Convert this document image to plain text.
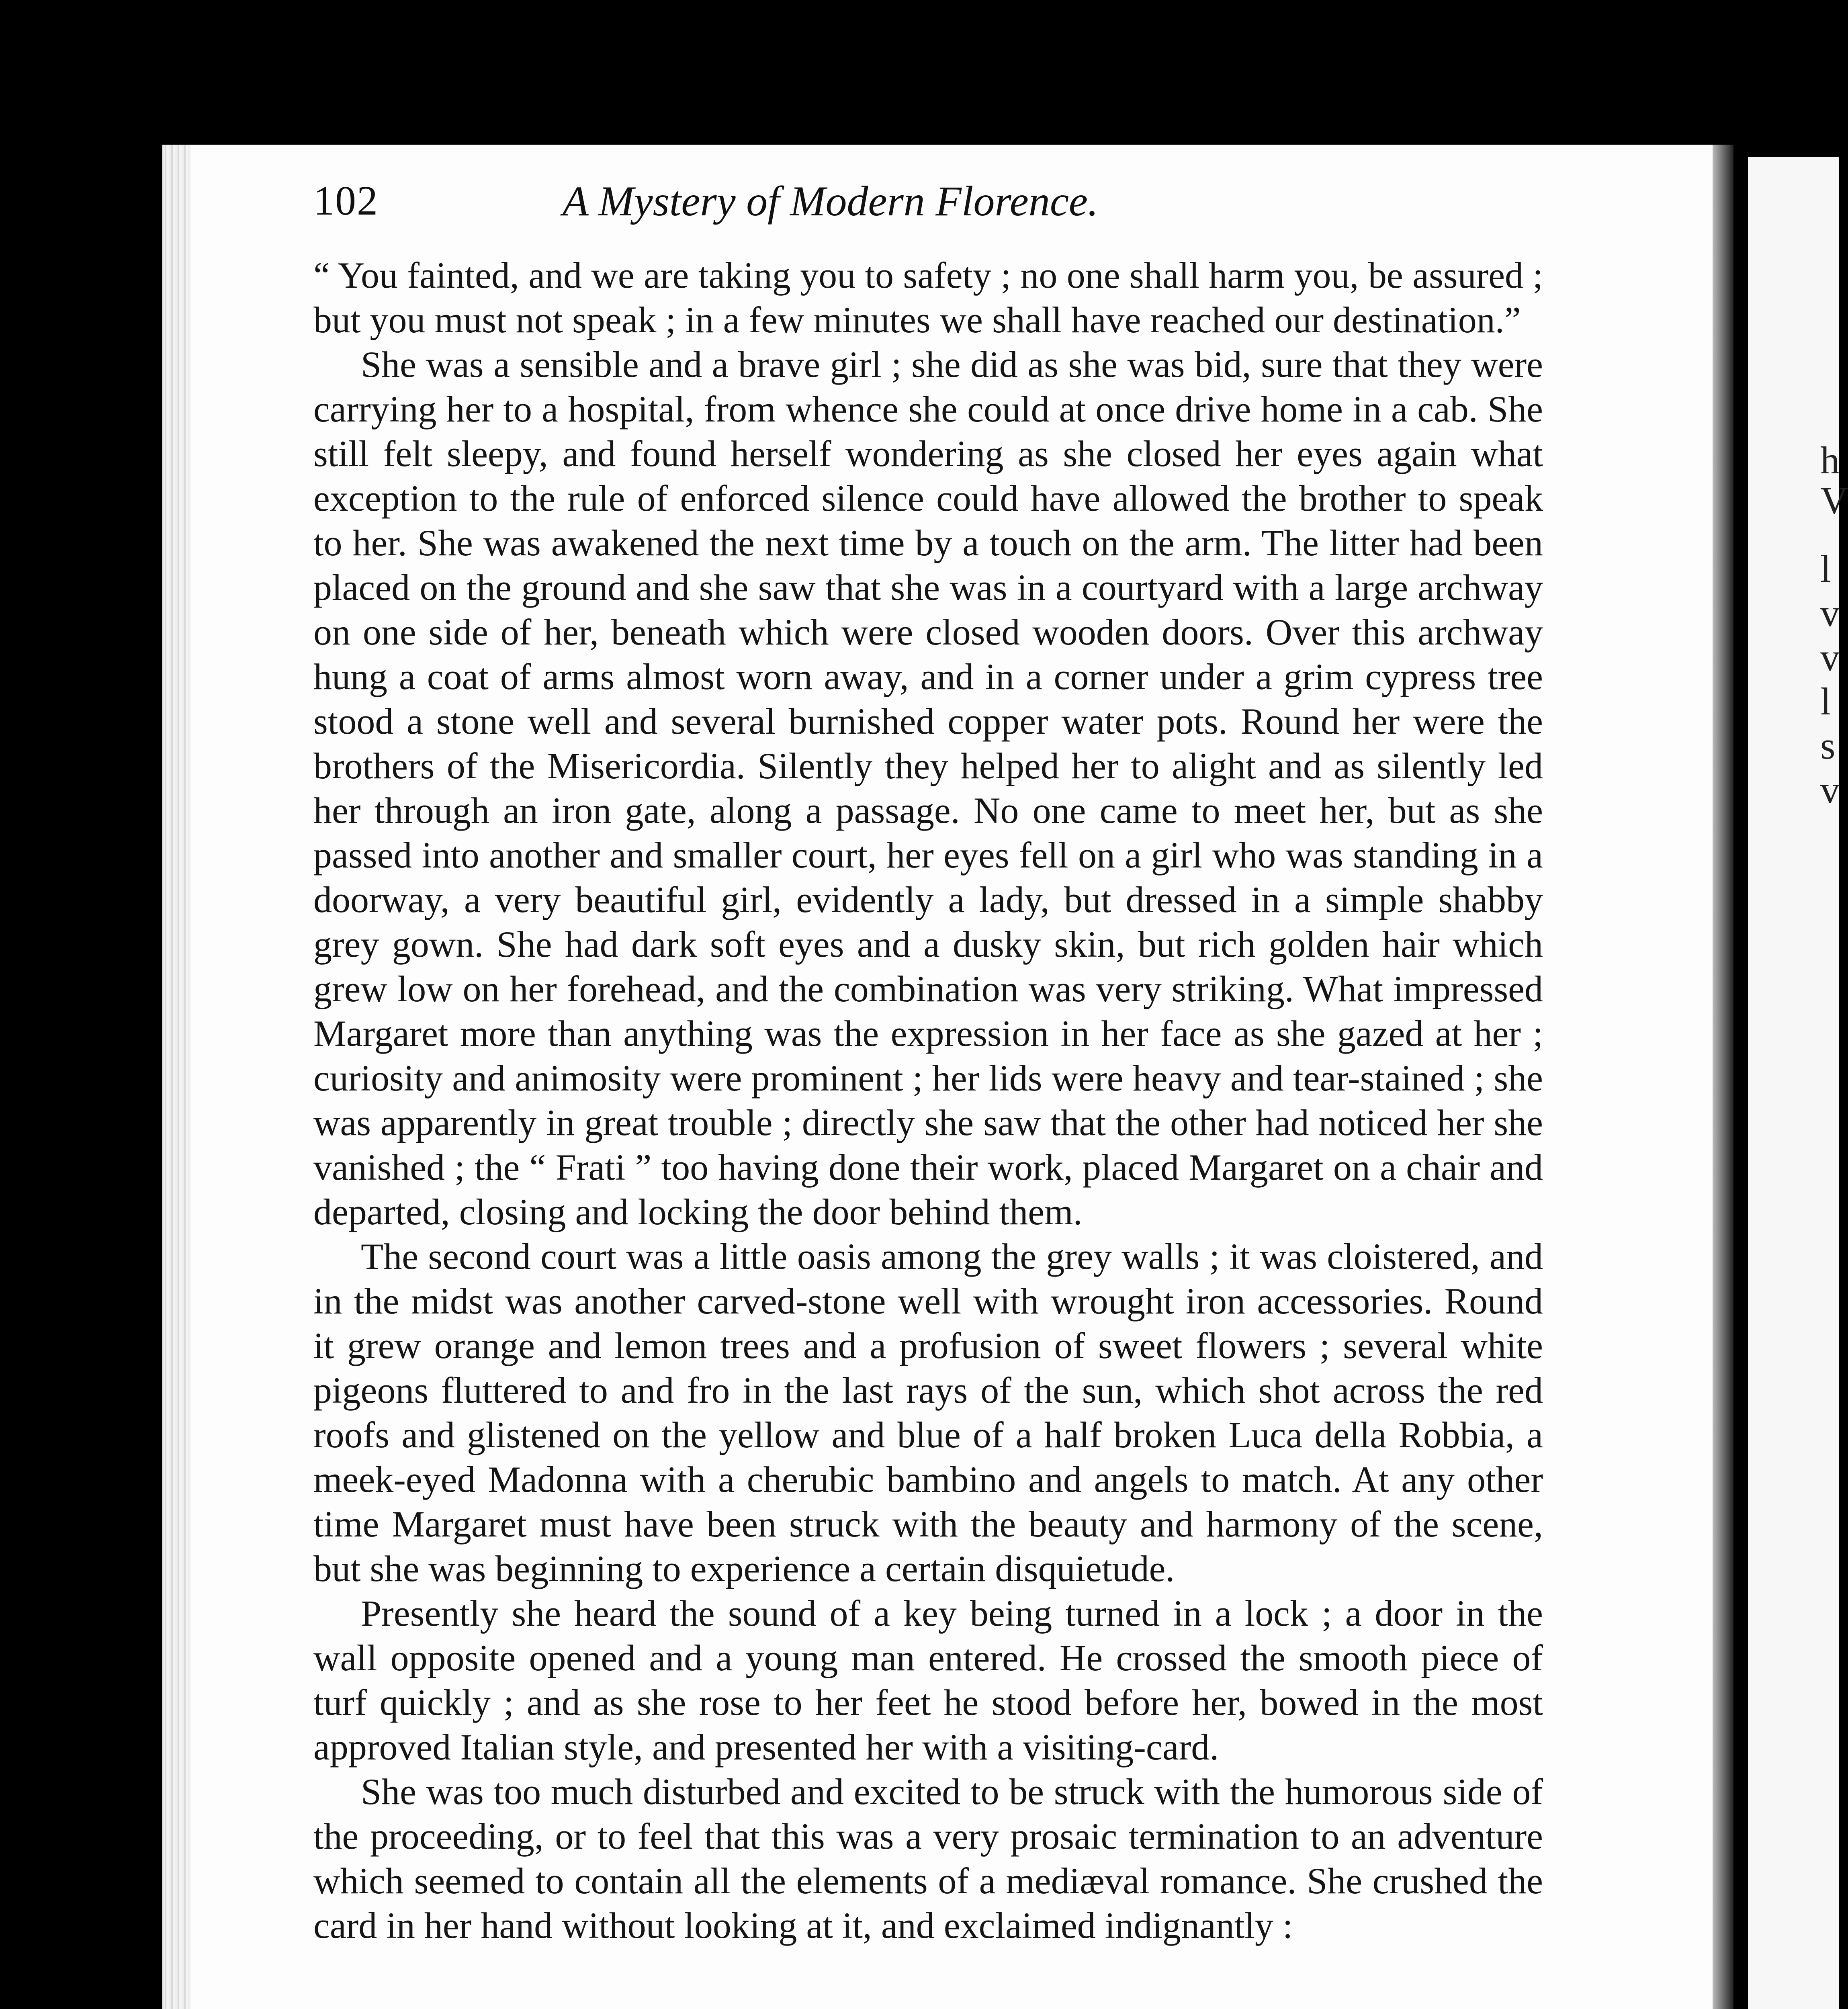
h
V
l
v
v
l
s
v
102	A Mystery of Modern Florence.

“ You fainted, and we are taking you to safety ; no one shall harm you, be assured ; but you must not speak ; in a few minutes we shall have reached our destination.”

She was a sensible and a brave girl ; she did as she was bid, sure that they were carrying her to a hospital, from whence she could at once drive home in a cab. She still felt sleepy, and found herself wondering as she closed her eyes again what exception to the rule of enforced silence could have allowed the brother to speak to her. She was awakened the next time by a touch on the arm. The litter had been placed on the ground and she saw that she was in a courtyard with a large archway on one side of her, beneath which were closed wooden doors. Over this archway hung a coat of arms almost worn away, and in a corner under a grim cypress tree stood a stone well and several burnished copper water pots. Round her were the brothers of the Misericordia. Silently they helped her to alight and as silently led her through an iron gate, along a passage. No one came to meet her, but as she passed into another and smaller court, her eyes fell on a girl who was standing in a doorway, a very beautiful girl, evidently a lady, but dressed in a simple shabby grey gown. She had dark soft eyes and a dusky skin, but rich golden hair which grew low on her forehead, and the combination was very striking. What impressed Margaret more than anything was the expression in her face as she gazed at her ; curiosity and animosity were prominent ; her lids were heavy and tear-stained ; she was apparently in great trouble ; directly she saw that the other had noticed her she vanished ; the “ Frati ” too having done their work, placed Margaret on a chair and departed, closing and locking the door behind them.

The second court was a little oasis among the grey walls ; it was cloistered, and in the midst was another carved-stone well with wrought iron accessories. Round it grew orange and lemon trees and a profusion of sweet flowers ; several white pigeons fluttered to and fro in the last rays of the sun, which shot across the red roofs and glistened on the yellow and blue of a half broken Luca della Robbia, a meek-eyed Madonna with a cherubic bambino and angels to match. At any other time Margaret must have been struck with the beauty and harmony of the scene, but she was beginning to experience a certain disquietude.

Presently she heard the sound of a key being turned in a lock ; a door in the wall opposite opened and a young man entered. He crossed the smooth piece of turf quickly ; and as she rose to her feet he stood before her, bowed in the most approved Italian style, and presented her with a visiting-card.

She was too much disturbed and excited to be struck with the humorous side of the proceeding, or to feel that this was a very prosaic termination to an adventure which seemed to contain all the elements of a mediæval romance. She crushed the card in her hand without looking at it, and exclaimed indignantly :
